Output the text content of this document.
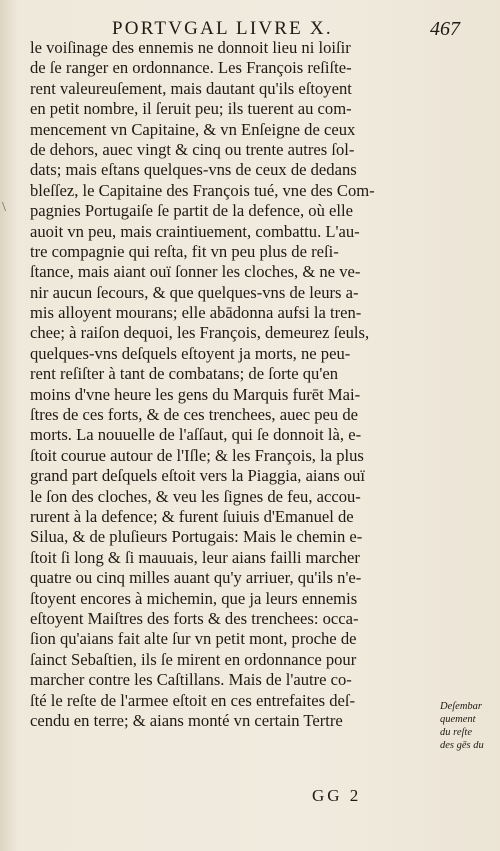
\
PORTVGAL LIVRE X.	467
le voiſinage des ennemis ne donnoit lieu ni loiſir
de ſe ranger en ordonnance. Les François reſiſte-
rent valeureuſement, mais dautant qu'ils eſtoyent
en petit nombre, il ſeruit peu; ils tuerent au com-
mencement vn Capitaine, & vn Enſeigne de ceux
de dehors, auec vingt & cinq ou trente autres ſol-
dats; mais eſtans quelques-vns de ceux de dedans
bleſſez, le Capitaine des François tué, vne des Com-
pagnies Portugaiſe ſe partit de la defence, où elle
auoit vn peu, mais craintiuement, combattu. L'au-
tre compagnie qui reſta, fit vn peu plus de reſi-
ſtance, mais aiant ouï ſonner les cloches, & ne ve-
nir aucun ſecours, & que quelques-vns de leurs a-
mis alloyent mourans; elle abādonna aufsi la tren-
chee; à raiſon dequoi, les François, demeurez ſeuls,
quelques-vns deſquels eſtoyent ja morts, ne peu-
rent reſiſter à tant de combatans; de ſorte qu'en
moins d'vne heure les gens du Marquis furēt Mai-
ſtres de ces forts, & de ces trenchees, auec peu de
morts. La nouuelle de l'aſſaut, qui ſe donnoit là, e-
ſtoit courue autour de l'Iſle; & les François, la plus
grand part deſquels eſtoit vers la Piaggia, aians ouï
le ſon des cloches, & veu les ſignes de feu, accou-
rurent à la defence; & furent ſuiuis d'Emanuel de
Silua, & de pluſieurs Portugais: Mais le chemin e-
ſtoit ſi long & ſi mauuais, leur aians failli marcher
quatre ou cinq milles auant qu'y arriuer, qu'ils n'e-
ſtoyent encores à michemin, que ja leurs ennemis
eſtoyent Maiſtres des forts & des trenchees: occa-
ſion qu'aians fait alte ſur vn petit mont, proche de
ſainct Sebaſtien, ils ſe mirent en ordonnance pour
marcher contre les Caſtillans. Mais de l'autre co-
ſté le reſte de l'armee eſtoit en ces entrefaites deſ-
cendu en terre; & aians monté vn certain Tertre
Deſembar
quement
du reſte
des gēs du
GG 2
